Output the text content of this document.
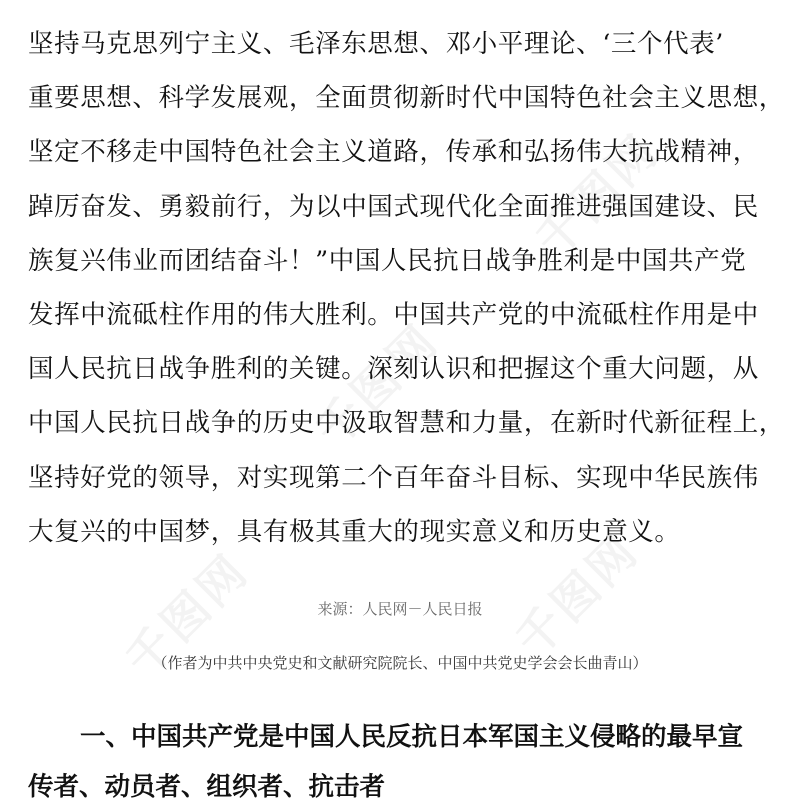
千图网
千图网
千图网
千图网
坚持马克思列宁主义、毛泽东思想、邓小平理论、‘三个代表’
重要思想、科学发展观，全面贯彻新时代中国特色社会主义思想，
坚定不移走中国特色社会主义道路，传承和弘扬伟大抗战精神，
踔厉奋发、勇毅前行，为以中国式现代化全面推进强国建设、民
族复兴伟业而团结奋斗！”中国人民抗日战争胜利是中国共产党
发挥中流砥柱作用的伟大胜利。中国共产党的中流砥柱作用是中
国人民抗日战争胜利的关键。深刻认识和把握这个重大问题，从
中国人民抗日战争的历史中汲取智慧和力量，在新时代新征程上，
坚持好党的领导，对实现第二个百年奋斗目标、实现中华民族伟
大复兴的中国梦，具有极其重大的现实意义和历史意义。
来源：人民网－人民日报
（作者为中共中央党史和文献研究院院长、中国中共党史学会会长曲青山）
一、中国共产党是中国人民反抗日本军国主义侵略的最早宣
传者、动员者、组织者、抗击者
